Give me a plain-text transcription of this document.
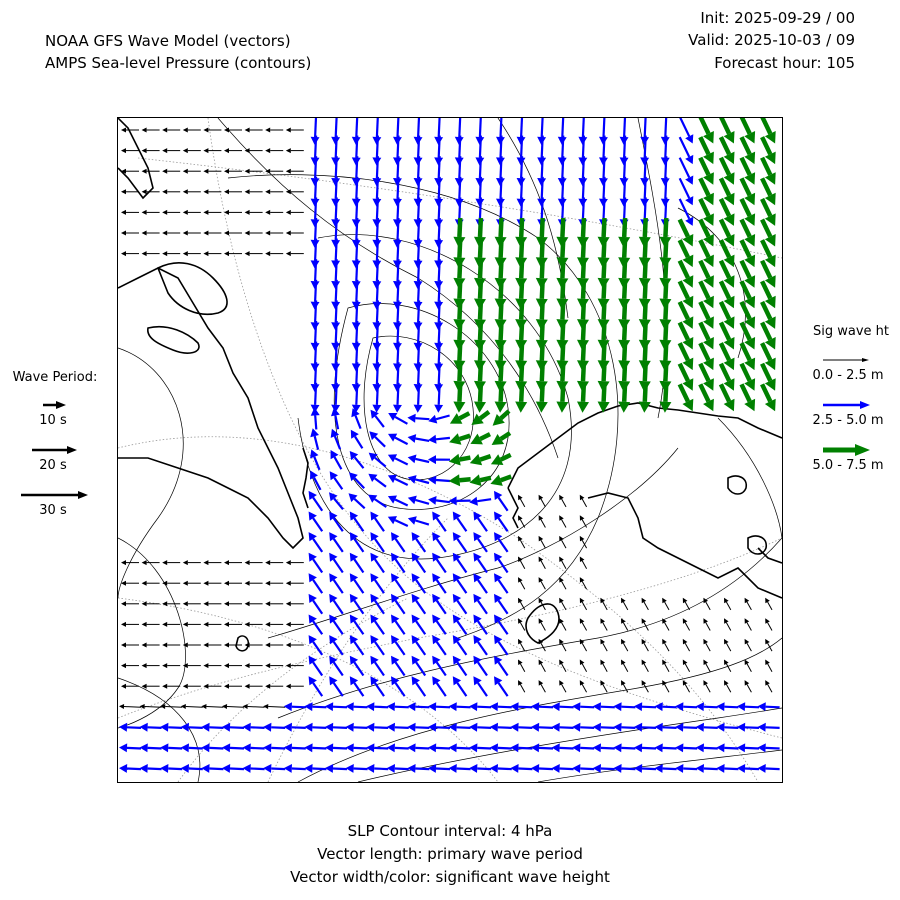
NOAA GFS Wave Model (vectors)
AMPS Sea-level Pressure (contours)
Init: 2025-09-29 / 00
Valid: 2025-10-03 / 09
Forecast hour: 105
Wave Period:
10 s
20 s
30 s
Sig wave ht
0.0 - 2.5 m
2.5 - 5.0 m
5.0 - 7.5 m
SLP Contour interval: 4 hPa
Vector length: primary wave period
Vector width/color: significant wave height
